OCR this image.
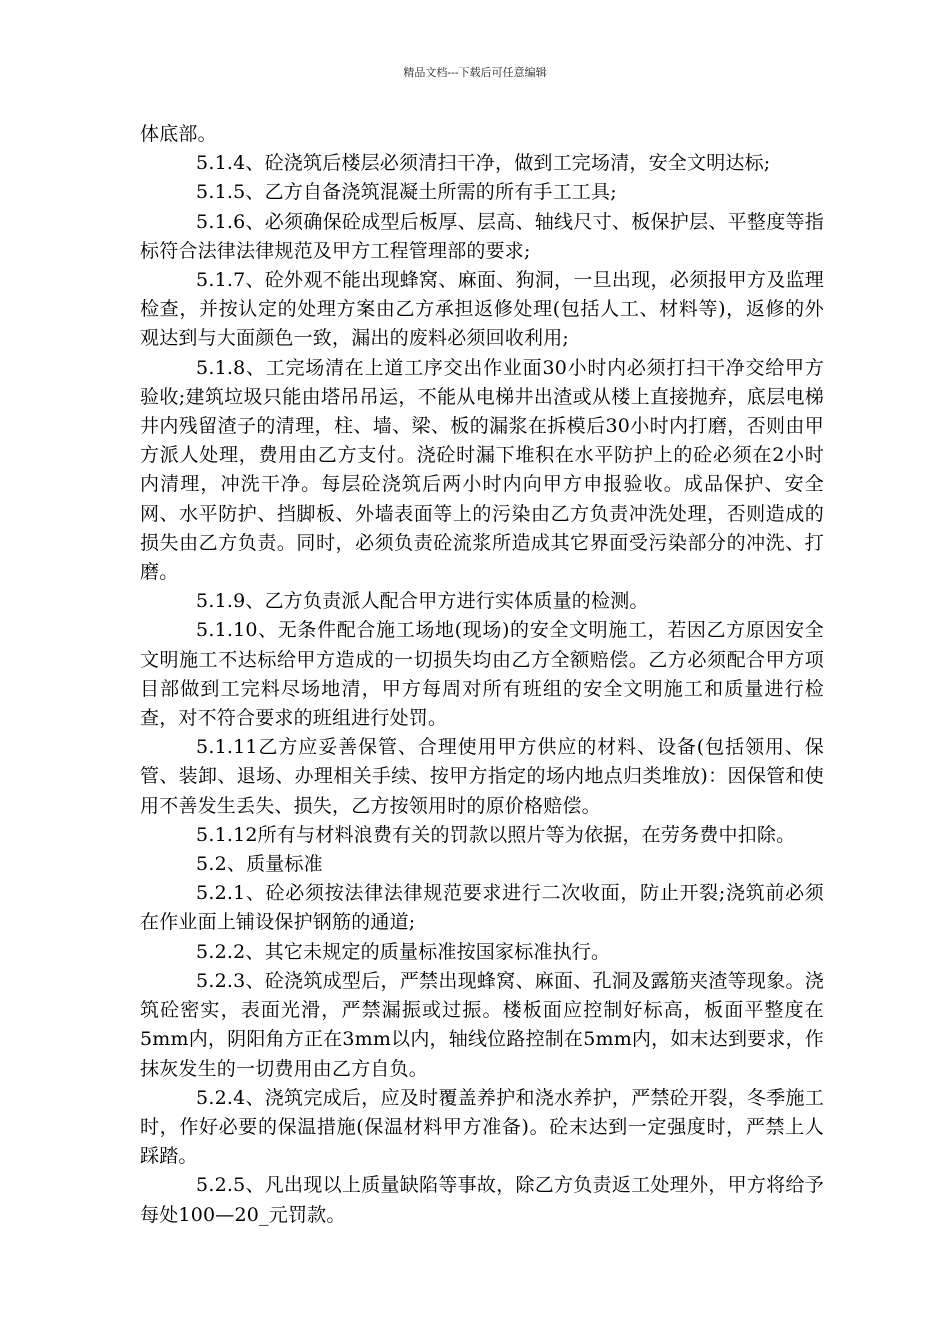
精品文档---下载后可任意编辑

体底部。

5.1.4、砼浇筑后楼层必须清扫干净，做到工完场清，安全文明达标;

5.1.5、乙方自备浇筑混凝土所需的所有手工工具;

5.1.6、必须确保砼成型后板厚、层高、轴线尺寸、板保护层、平整度等指标符合法律法律规范及甲方工程管理部的要求;

5.1.7、砼外观不能出现蜂窝、麻面、狗洞，一旦出现，必须报甲方及监理检查，并按认定的处理方案由乙方承担返修处理(包括人工、材料等)，返修的外观达到与大面颜色一致，漏出的废料必须回收利用;

5.1.8、工完场清在上道工序交出作业面30小时内必须打扫干净交给甲方验收;建筑垃圾只能由塔吊吊运，不能从电梯井出渣或从楼上直接抛弃，底层电梯井内残留渣子的清理，柱、墙、梁、板的漏浆在拆模后30小时内打磨，否则由甲方派人处理，费用由乙方支付。浇砼时漏下堆积在水平防护上的砼必须在2小时内清理，冲洗干净。每层砼浇筑后两小时内向甲方申报验收。成品保护、安全网、水平防护、挡脚板、外墙表面等上的污染由乙方负责冲洗处理，否则造成的损失由乙方负责。同时，必须负责砼流浆所造成其它界面受污染部分的冲洗、打磨。

5.1.9、乙方负责派人配合甲方进行实体质量的检测。

5.1.10、无条件配合施工场地(现场)的安全文明施工，若因乙方原因安全文明施工不达标给甲方造成的一切损失均由乙方全额赔偿。乙方必须配合甲方项目部做到工完料尽场地清，甲方每周对所有班组的安全文明施工和质量进行检查，对不符合要求的班组进行处罚。

5.1.11乙方应妥善保管、合理使用甲方供应的材料、设备(包括领用、保管、装卸、退场、办理相关手续、按甲方指定的场内地点归类堆放)：因保管和使用不善发生丢失、损失，乙方按领用时的原价格赔偿。

5.1.12所有与材料浪费有关的罚款以照片等为依据，在劳务费中扣除。

5.2、质量标准

5.2.1、砼必须按法律法律规范要求进行二次收面，防止开裂;浇筑前必须在作业面上铺设保护钢筋的通道;

5.2.2、其它未规定的质量标准按国家标准执行。

5.2.3、砼浇筑成型后，严禁出现蜂窝、麻面、孔洞及露筋夹渣等现象。浇筑砼密实，表面光滑，严禁漏振或过振。楼板面应控制好标高，板面平整度在5mm内，阴阳角方正在3mm以内，轴线位路控制在5mm内，如末达到要求，作抹灰发生的一切费用由乙方自负。

5.2.4、浇筑完成后，应及时覆盖养护和浇水养护，严禁砼开裂，冬季施工时，作好必要的保温措施(保温材料甲方准备)。砼末达到一定强度时，严禁上人踩踏。

5.2.5、凡出现以上质量缺陷等事故，除乙方负责返工处理外，甲方将给予每处100—20_元罚款。
